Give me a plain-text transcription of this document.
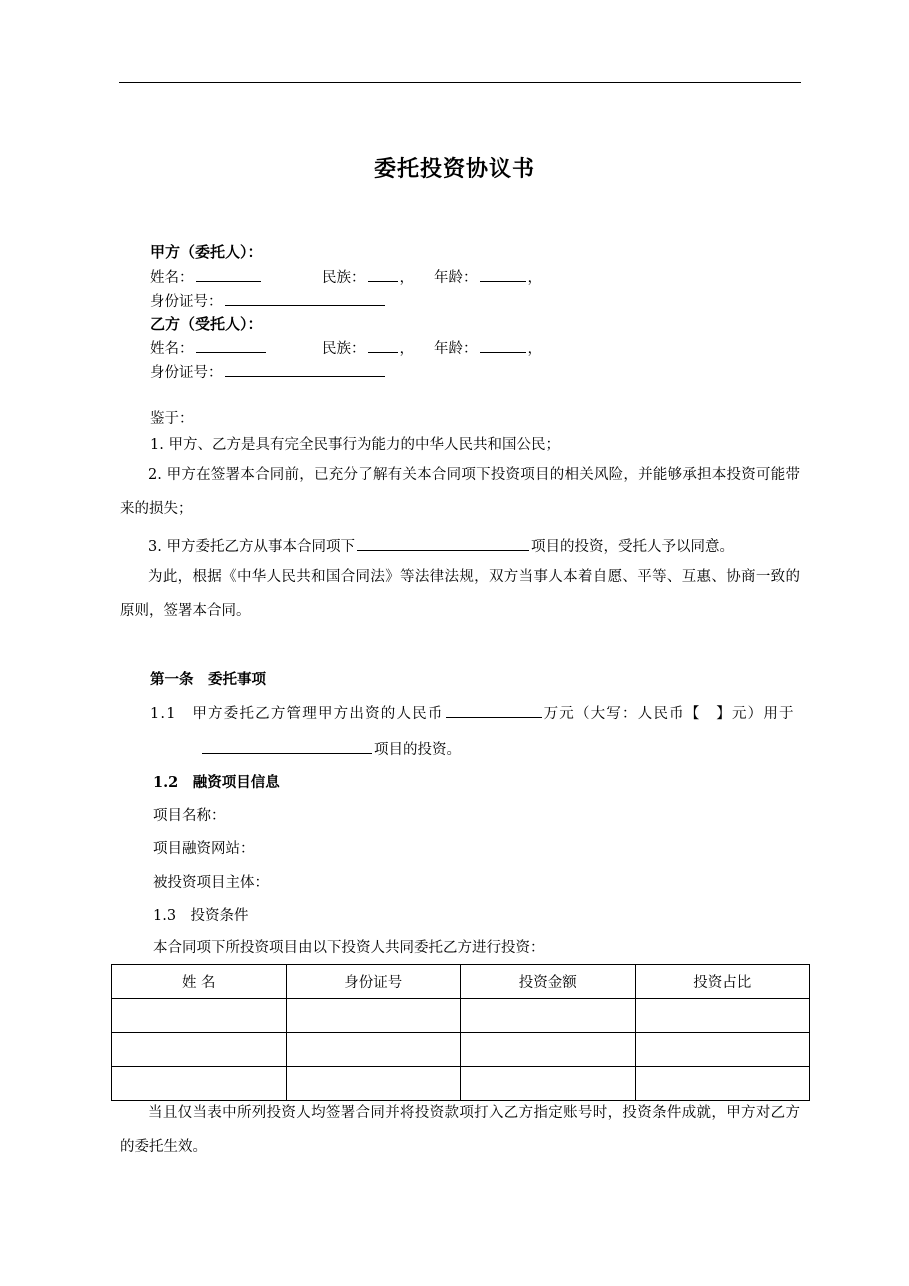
委托投资协议书
甲方（委托人）：
姓名：	民族： ， 年龄：	，
身份证号：
乙方（受托人）：
姓名：	民族： ， 年龄：	，
身份证号：
鉴于：
1. 甲方、乙方是具有完全民事行为能力的中华人民共和国公民；
2. 甲方在签署本合同前，已充分了解有关本合同项下投资项目的相关风险，并能够承担本投资可能带来的损失；
3. 甲方委托乙方从事本合同项下	项目的投资，受托人予以同意。
为此，根据《中华人民共和国合同法》等法律法规，双方当事人本着自愿、平等、互惠、协商一致的原则，签署本合同。
第一条　委托事项
1.1　甲方委托乙方管理甲方出资的人民币	万元（大写：人民币【　】元）用于
项目的投资。
1.2　融资项目信息
项目名称：
项目融资网站：
被投资项目主体：
1.3　投资条件
本合同项下所投资项目由以下投资人共同委托乙方进行投资：
姓 名	身份证号	投资金额	投资占比

当且仅当表中所列投资人均签署合同并将投资款项打入乙方指定账号时，投资条件成就，甲方对乙方的委托生效。
